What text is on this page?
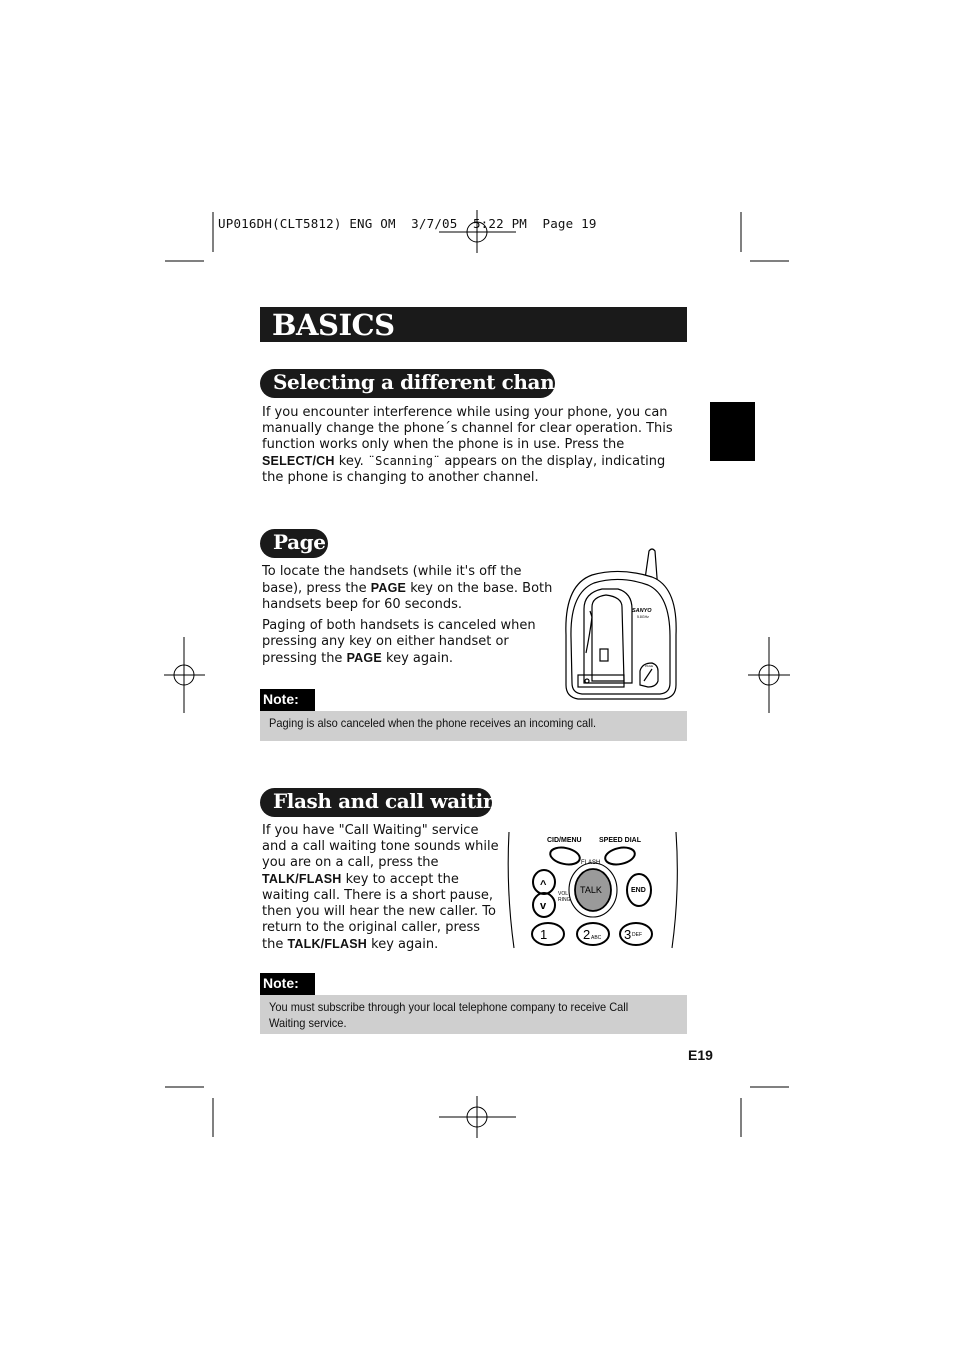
UP016DH(CLT5812) ENG OM  3/7/05  5:22 PM  Page 19
BASICS
Selecting a different channel

If you encounter interference while using your phone, you can manually change the phone´s channel for clear operation. This function works only when the phone is in use. Press the SELECT/CH key. ¨Scanning¨ appears on the display, indicating the phone is changing to another channel.

Page

To locate the handsets (while it's off the base), press the PAGE key on the base. Both handsets beep for 60 seconds.

Paging of both handsets is canceled when pressing any key on either handset or pressing the PAGE key again.

SANYO
5.8GHz
PAGE
Note:
Paging is also canceled when the phone receives an incoming call.
Flash and call waiting

If you have "Call Waiting" service and a call waiting tone sounds while you are on a call, press the TALK/FLASH key to accept the waiting call. There is a short pause, then you will hear the new caller. To return to the original caller, press the TALK/FLASH key again.

CID/MENU SPEED DIAL
FLASH
TALK	END
VOL
RING
^
v
1	2 ABC 3 DEF
Note:
You must subscribe through your local telephone company to receive Call Waiting service.
E19
